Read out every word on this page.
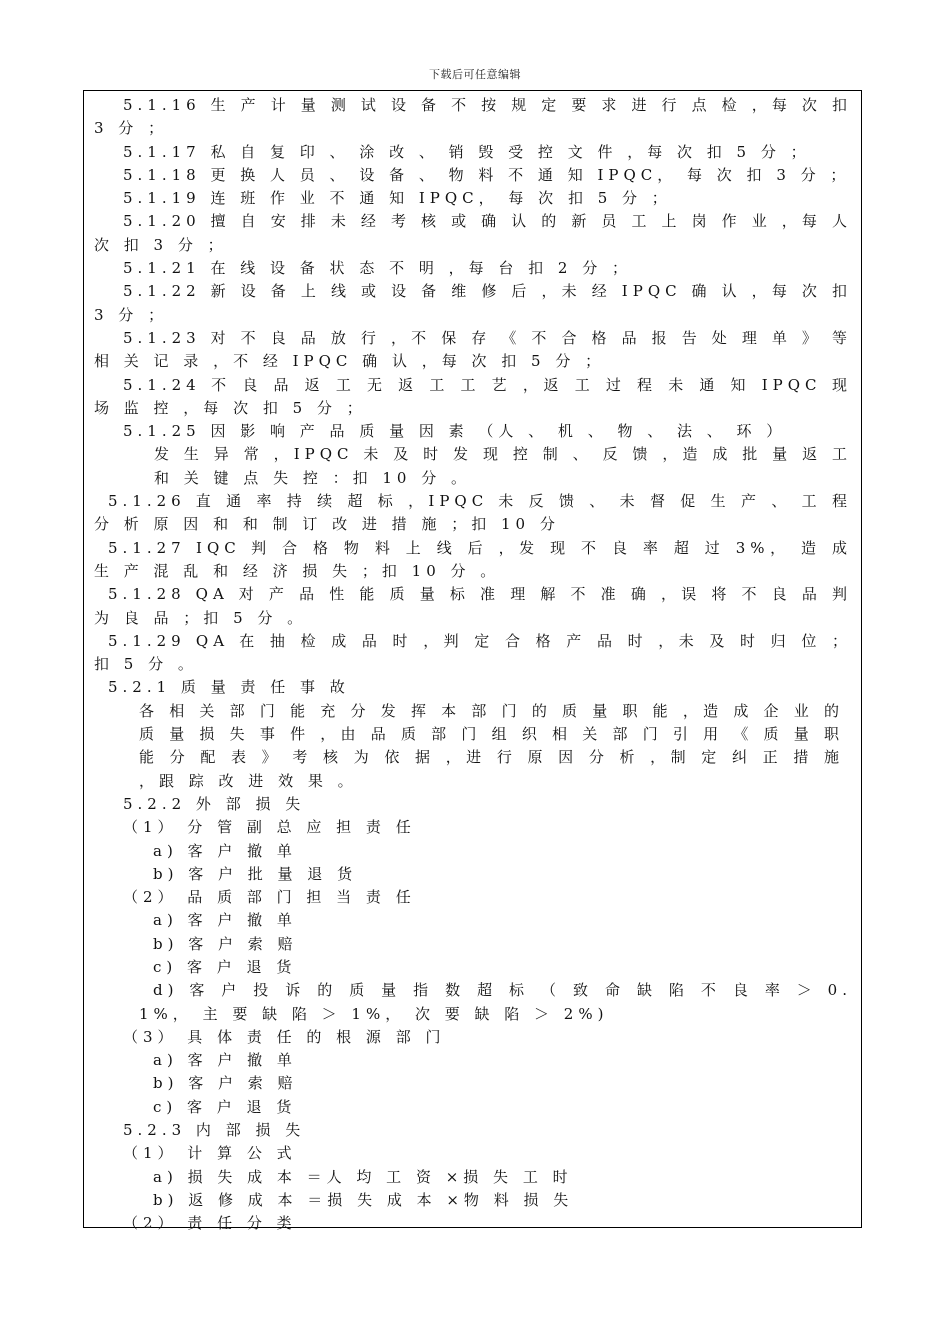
下载后可任意编辑

5.1.16 生 产 计 量 测 试 设 备 不 按 规 定 要 求 进 行 点 检 ，每 次 扣 3 分 ；

5.1.17 私 自 复 印 、 涂 改 、 销 毁 受 控 文 件 ，每 次 扣 5 分 ；

5.1.18 更 换 人 员 、 设 备 、 物 料 不 通 知 IPQC， 每 次 扣 3 分 ；

5.1.19 连 班 作 业 不 通 知 IPQC， 每 次 扣 5 分 ；

5.1.20 擅 自 安 排 未 经 考 核 或 确 认 的 新 员 工 上 岗 作 业 ，每 人 次 扣 3 分 ；

5.1.21 在 线 设 备 状 态 不 明 ，每 台 扣 2 分 ；

5.1.22 新 设 备 上 线 或 设 备 维 修 后 ，未 经 IPQC 确 认 ，每 次 扣 3 分 ；

5.1.23 对 不 良 品 放 行 ，不 保 存 《 不 合 格 品 报 告 处 理 单 》 等 相 关 记 录 ，不 经 IPQC 确 认 ，每 次 扣 5 分 ；

5.1.24 不 良 品 返 工 无 返 工 工 艺 ，返 工 过 程 未 通 知 IPQC 现 场 监 控 ，每 次 扣 5 分 ；

5.1.25 因 影 响 产 品 质 量 因 素 （人 、 机 、 物 、 法 、 环 ）

发 生 异 常 ，IPQC 未 及 时 发 现 控 制 、 反 馈 ，造 成 批 量 返 工 和 关 键 点 失 控 ：扣 10 分 。

5.1.26 直 通 率 持 续 超 标 ，IPQC 未 反 馈 、 未 督 促 生 产 、 工 程 分 析 原 因 和 和 制 订 改 进 措 施 ；扣 10 分

5.1.27 IQC 判 合 格 物 料 上 线 后 ，发 现 不 良 率 超 过 3%， 造 成 生 产 混 乱 和 经 济 损 失 ；扣 10 分 。

5.1.28 QA 对 产 品 性 能 质 量 标 准 理 解 不 准 确 ，误 将 不 良 品 判 为 良 品 ；扣 5 分 。

5.1.29 QA 在 抽 检 成 品 时 ，判 定 合 格 产 品 时 ，未 及 时 归 位 ；扣 5 分 。

5.2.1 质 量 责 任 事 故

各 相 关 部 门 能 充 分 发 挥 本 部 门 的 质 量 职 能 ，造 成 企 业 的 质 量 损 失 事 件 ，由 品 质 部 门 组 织 相 关 部 门 引 用 《 质 量 职 能 分 配 表 》 考 核 为 依 据 ，进 行 原 因 分 析 ，制 定 纠 正 措 施 ，跟 踪 改 进 效 果 。

5.2.2 外 部 损 失

（1） 分 管 副 总 应 担 责 任

a) 客 户 撤 单

b) 客 户 批 量 退 货

（2） 品 质 部 门 担 当 责 任

a) 客 户 撤 单

b) 客 户 索 赔

c) 客 户 退 货

d) 客 户 投 诉 的 质 量 指 数 超 标 （ 致 命 缺 陷 不 良 率 ＞ 0.1%， 主 要 缺 陷 ＞ 1%， 次 要 缺 陷 ＞ 2%)

（3） 具 体 责 任 的 根 源 部 门

a) 客 户 撤 单

b) 客 户 索 赔

c) 客 户 退 货

5.2.3 内 部 损 失

（1） 计 算 公 式

a) 损 失 成 本 ＝人 均 工 资 ×损 失 工 时

b) 返 修 成 本 ＝损 失 成 本 ×物 料 损 失

（2） 责 任 分 类
